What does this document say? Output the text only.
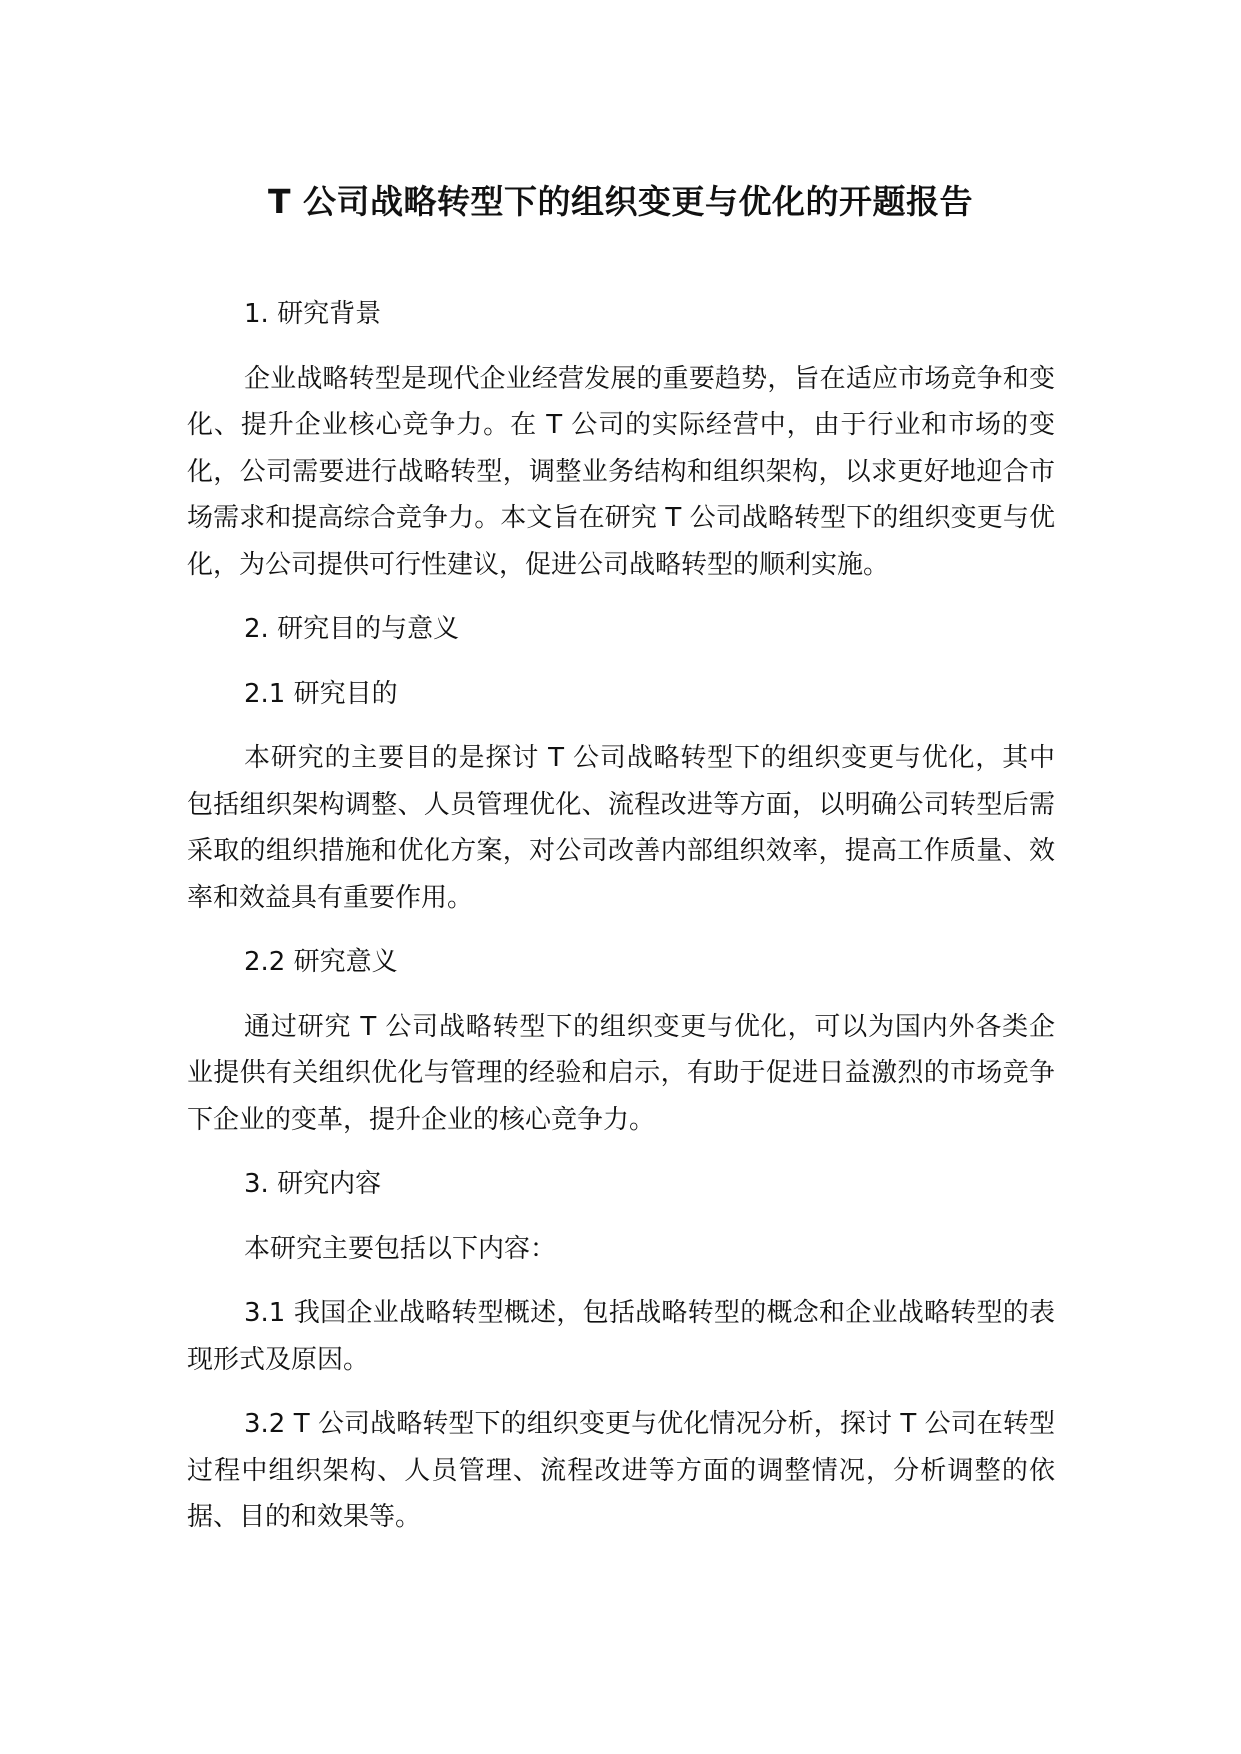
T 公司战略转型下的组织变更与优化的开题报告

1. 研究背景

企业战略转型是现代企业经营发展的重要趋势，旨在适应市场竞争和变化、提升企业核心竞争力。在 T 公司的实际经营中，由于行业和市场的变化，公司需要进行战略转型，调整业务结构和组织架构，以求更好地迎合市场需求和提高综合竞争力。本文旨在研究 T 公司战略转型下的组织变更与优化，为公司提供可行性建议，促进公司战略转型的顺利实施。

2. 研究目的与意义

2.1 研究目的

本研究的主要目的是探讨 T 公司战略转型下的组织变更与优化，其中包括组织架构调整、人员管理优化、流程改进等方面，以明确公司转型后需采取的组织措施和优化方案，对公司改善内部组织效率，提高工作质量、效率和效益具有重要作用。

2.2 研究意义

通过研究 T 公司战略转型下的组织变更与优化，可以为国内外各类企业提供有关组织优化与管理的经验和启示，有助于促进日益激烈的市场竞争下企业的变革，提升企业的核心竞争力。

3. 研究内容

本研究主要包括以下内容：

3.1 我国企业战略转型概述，包括战略转型的概念和企业战略转型的表现形式及原因。

3.2 T 公司战略转型下的组织变更与优化情况分析，探讨 T 公司在转型过程中组织架构、人员管理、流程改进等方面的调整情况，分析调整的依据、目的和效果等。
